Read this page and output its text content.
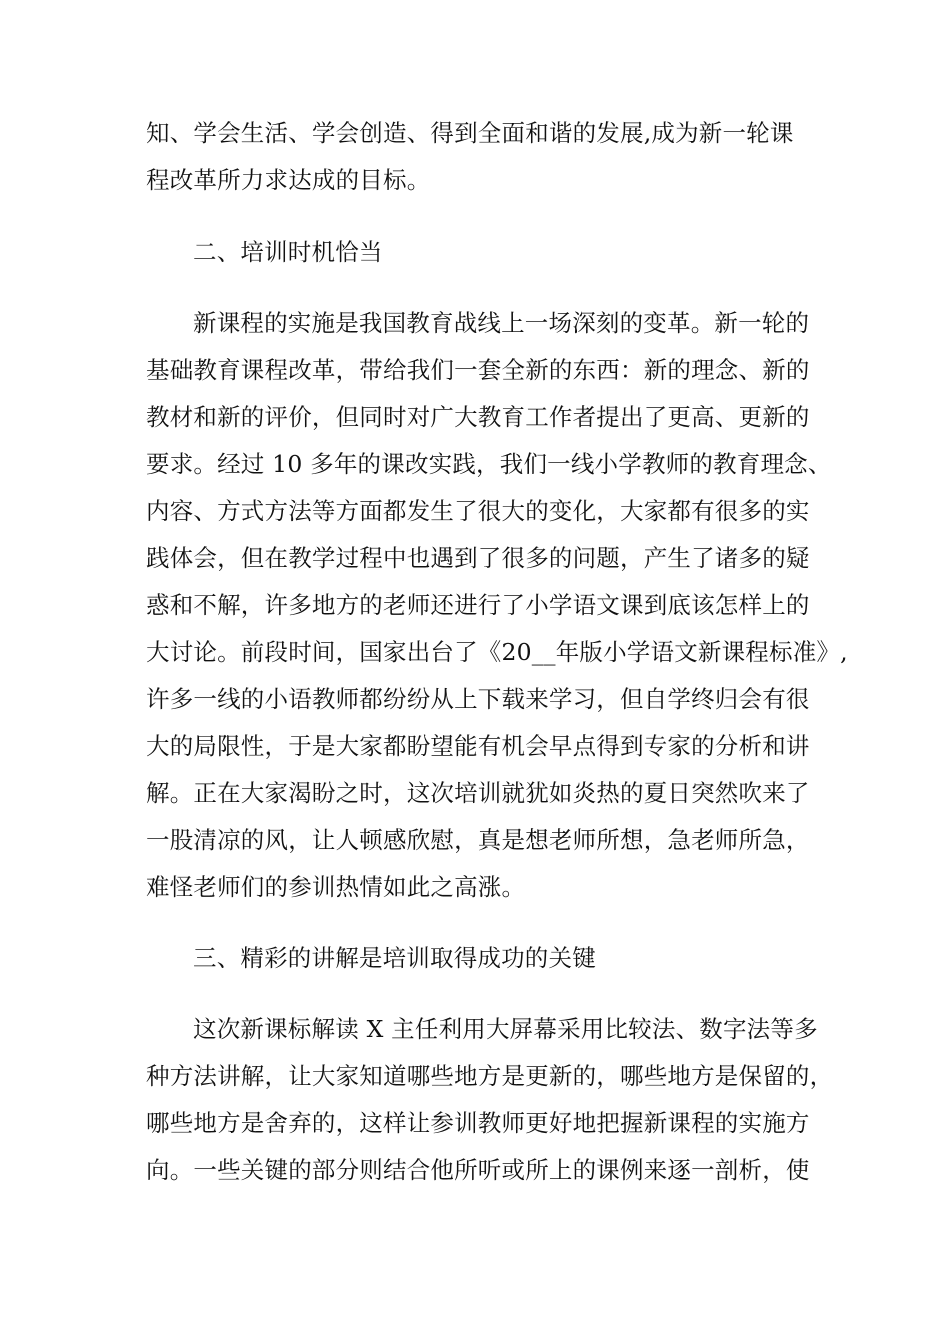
知、学会生活、学会创造、得到全面和谐的发展,成为新一轮课
程改革所力求达成的目标。
二、培训时机恰当
新课程的实施是我国教育战线上一场深刻的变革。新一轮的
基础教育课程改革，带给我们一套全新的东西：新的理念、新的
教材和新的评价，但同时对广大教育工作者提出了更高、更新的
要求。经过 10 多年的课改实践，我们一线小学教师的教育理念、
内容、方式方法等方面都发生了很大的变化，大家都有很多的实
践体会，但在教学过程中也遇到了很多的问题，产生了诸多的疑
惑和不解，许多地方的老师还进行了小学语文课到底该怎样上的
大讨论。前段时间，国家出台了《20__年版小学语文新课程标准》,
许多一线的小语教师都纷纷从上下载来学习，但自学终归会有很
大的局限性，于是大家都盼望能有机会早点得到专家的分析和讲
解。正在大家渴盼之时，这次培训就犹如炎热的夏日突然吹来了
一股清凉的风，让人顿感欣慰，真是想老师所想，急老师所急，
难怪老师们的参训热情如此之高涨。
三、精彩的讲解是培训取得成功的关键
这次新课标解读 X 主任利用大屏幕采用比较法、数字法等多
种方法讲解，让大家知道哪些地方是更新的，哪些地方是保留的，
哪些地方是舍弃的，这样让参训教师更好地把握新课程的实施方
向。一些关键的部分则结合他所听或所上的课例来逐一剖析，使
